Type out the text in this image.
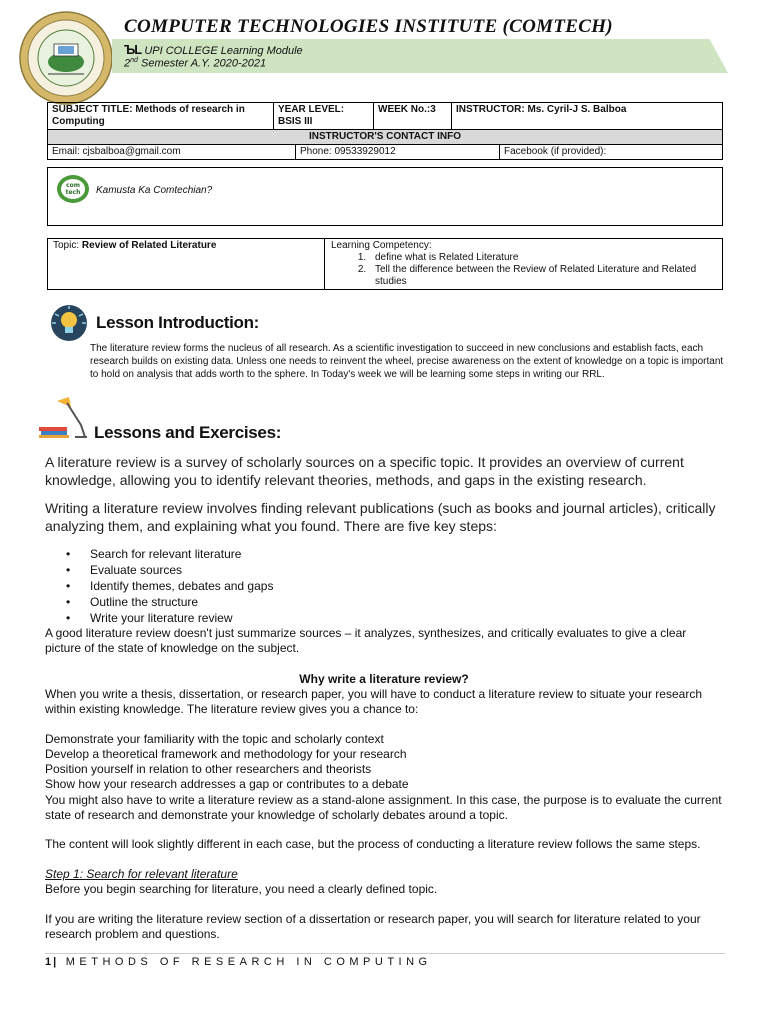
COMPUTER TECHNOLOGIES INSTITUTE (COMTECH)
ЪL UPI COLLEGE Learning Module
2nd Semester A.Y. 2020-2021
SUBJECT TITLE: Methods of research in Computing	YEAR LEVEL: BSIS III	WEEK No.:3	INSTRUCTOR: Ms. Cyril-J S. Balboa
INSTRUCTOR'S CONTACT INFO

Email: cjsbalboa@gmail.com	Phone: 09533929012	Facebook (if provided):
com
tech Kamusta Ka Comtechian?
Topic: Review of Related Literature	Learning Competency:
1. define what is Related Literature
2. Tell the difference between the Review of Related Literature and Related studies
Lesson Introduction:
The literature review forms the nucleus of all research. As a scientific investigation to succeed in new conclusions and establish facts, each research builds on existing data. Unless one needs to reinvent the wheel, precise awareness on the extent of knowledge on a topic is important to hold on analysis that adds worth to the sphere. In Today's week we will be learning some steps in writing our RRL.
Lessons and Exercises:
A literature review is a survey of scholarly sources on a specific topic. It provides an overview of current knowledge, allowing you to identify relevant theories, methods, and gaps in the existing research.
Writing a literature review involves finding relevant publications (such as books and journal articles), critically analyzing them, and explaining what you found. There are five key steps:
• Search for relevant literature
• Evaluate sources
• Identify themes, debates and gaps
• Outline the structure
• Write your literature review
A good literature review doesn't just summarize sources – it analyzes, synthesizes, and critically evaluates to give a clear picture of the state of knowledge on the subject.
Why write a literature review?
When you write a thesis, dissertation, or research paper, you will have to conduct a literature review to situate your research within existing knowledge. The literature review gives you a chance to:
Demonstrate your familiarity with the topic and scholarly context
Develop a theoretical framework and methodology for your research
Position yourself in relation to other researchers and theorists
Show how your research addresses a gap or contributes to a debate
You might also have to write a literature review as a stand-alone assignment. In this case, the purpose is to evaluate the current state of research and demonstrate your knowledge of scholarly debates around a topic.
The content will look slightly different in each case, but the process of conducting a literature review follows the same steps.
Step 1: Search for relevant literature
Before you begin searching for literature, you need a clearly defined topic.
If you are writing the literature review section of a dissertation or research paper, you will search for literature related to your research problem and questions.
1| METHODS OF RESEARCH IN COMPUTING
